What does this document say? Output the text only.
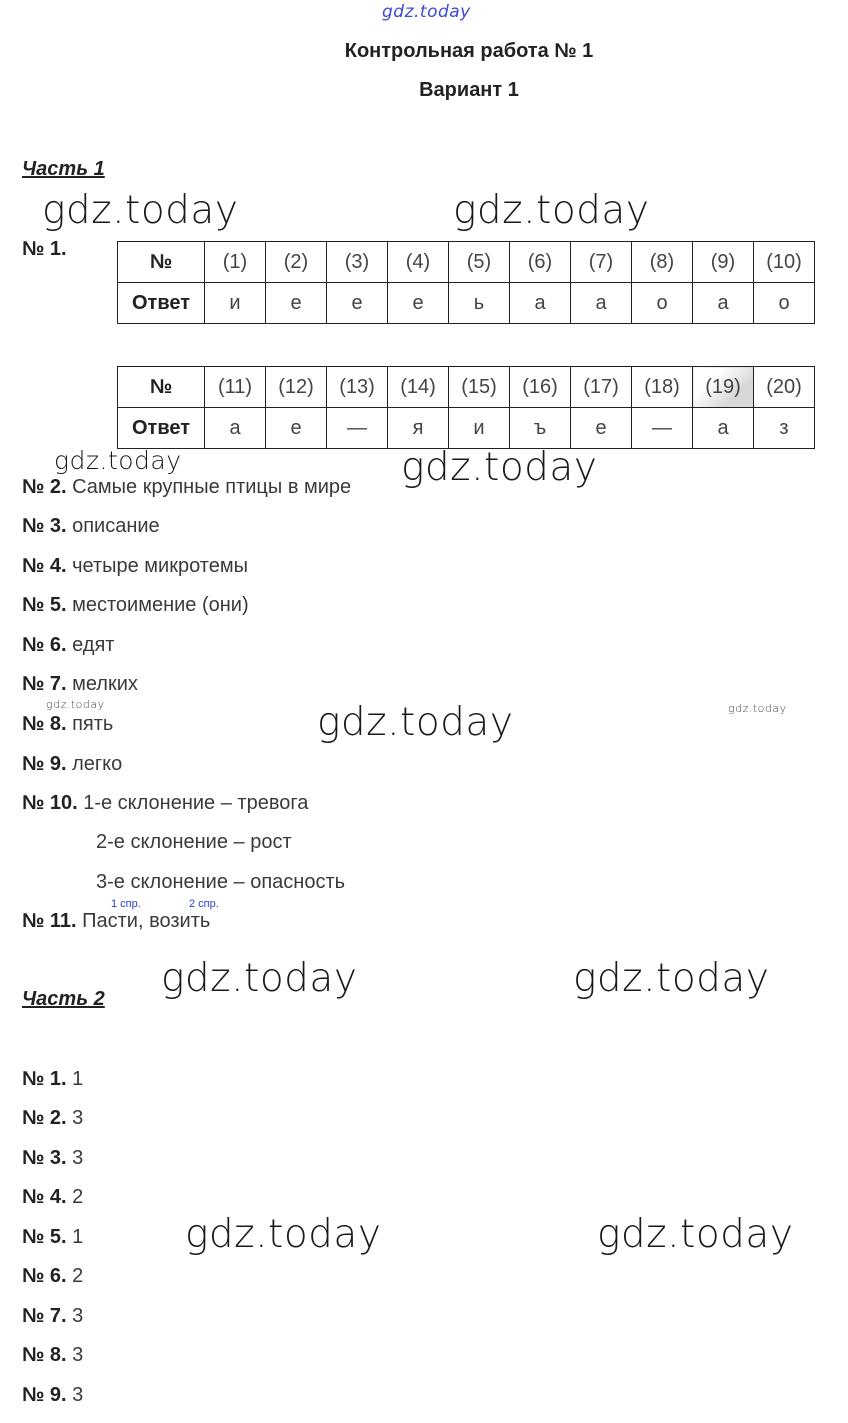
gdz.today
gdz.today	gdz.today
gdz.today	gdz.today
gdz.today	gdz.today	gdz.today
gdz.today	gdz.today
gdz.today	gdz.today
Контрольная работа № 1
Вариант 1
Часть 1
№ 1.
№	(1)	(2)	(3)	(4)	(5)	(6)	(7)	(8)	(9)	(10)
Ответ	и	е	е	е	ь	а	а	о	а	о
№	(11)	(12)	(13)	(14)	(15)	(16)	(17)	(18)	(19)	(20)
Ответ	а	е	—	я	и	ъ	е	—	а	з
№ 2. Самые крупные птицы в мире
№ 3. описание
№ 4. четыре микротемы
№ 5. местоимение (они)
№ 6. едят
№ 7. мелких
№ 8. пять
№ 9. легко
№ 10. 1-е склонение – тревога
2-е склонение – рост
3-е склонение – опасность
1 спр.	2 спр.
№ 11. Пасти, возить
Часть 2
№ 1. 1
№ 2. 3
№ 3. 3
№ 4. 2
№ 5. 1
№ 6. 2
№ 7. 3
№ 8. 3
№ 9. 3
